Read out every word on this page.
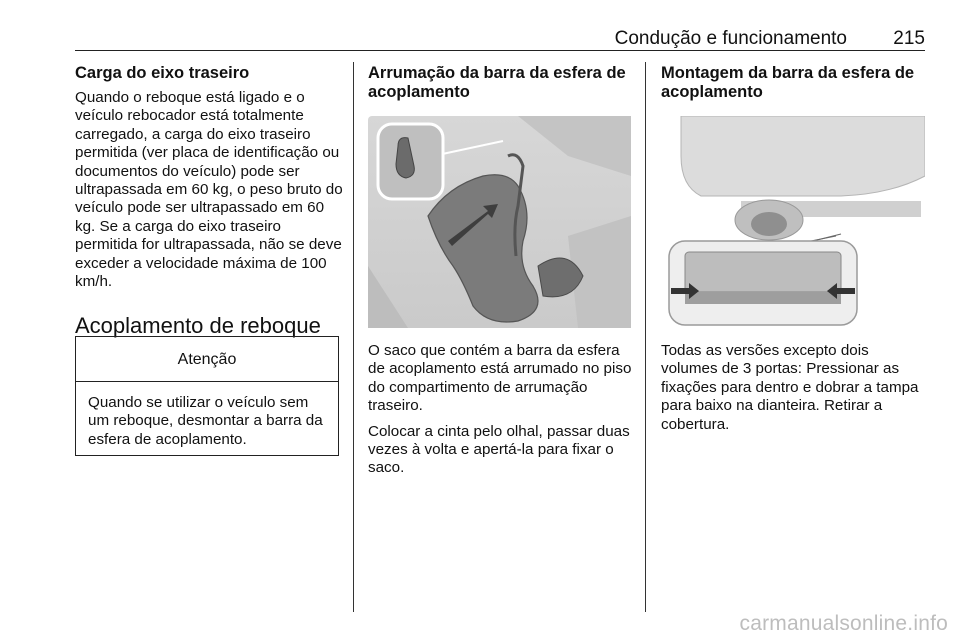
Condução e funcionamento 215

Carga do eixo traseiro

Quando o reboque está ligado e o veículo rebocador está totalmente carregado, a carga do eixo traseiro permitida (ver placa de identificação ou documentos do veículo) pode ser ultrapassada em 60 kg, o peso bruto do veículo pode ser ultrapassado em 60 kg. Se a carga do eixo traseiro permitida for ultrapassada, não se deve exceder a velocidade máxima de 100 km/h.

Acoplamento de reboque

Atenção
Quando se utilizar o veículo sem um reboque, desmontar a barra da esfera de acoplamento.

Arrumação da barra da esfera de acoplamento

O saco que contém a barra da esfera de acoplamento está arrumado no piso do compartimento de arrumação traseiro.

Colocar a cinta pelo olhal, passar duas vezes à volta e apertá-la para fixar o saco.

Montagem da barra da esfera de acoplamento

Todas as versões excepto dois volumes de 3 portas: Pressionar as fixações para dentro e dobrar a tampa para baixo na dianteira. Retirar a cobertura.

carmanualsonline.info
